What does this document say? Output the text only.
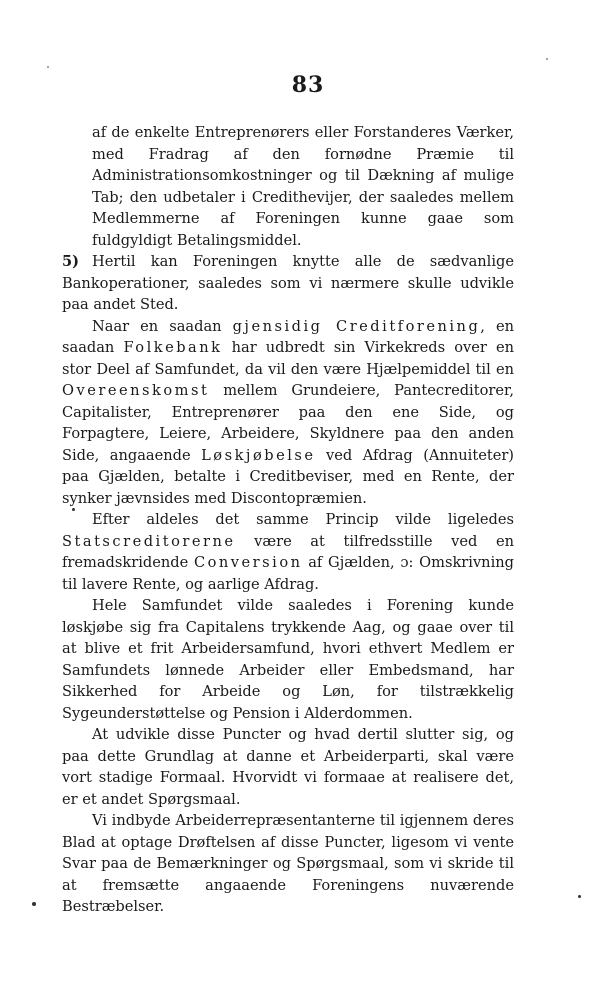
83

af de enkelte Entreprenørers eller Forstanderes Værker, med Fradrag af den fornødne Præmie til Administrationsomkostninger og til Dækning af mulige Tab; den udbetaler i Credithevijer, der saaledes mellem Medlemmerne af Foreningen kunne gaae som fuldgyldigt Betalingsmiddel.

5) Hertil kan Foreningen knytte alle de sædvanlige Bankoperationer, saaledes som vi nærmere skulle udvikle paa andet Sted.

Naar en saadan gjensidig Creditforening, en saadan Folkebank har udbredt sin Virkekreds over en stor Deel af Samfundet, da vil den være Hjælpemiddel til en Overeenskomst mellem Grundeiere, Pantecreditorer, Capitalister, Entreprenører paa den ene Side, og Forpagtere, Leiere, Arbeidere, Skyldnere paa den anden Side, angaaende Løskjøbelse ved Afdrag (Annuiteter) paa Gjælden, betalte i Creditbeviser, med en Rente, der synker jævnsides med Discontopræmien.

Efter aldeles det samme Princip vilde ligeledes Statscreditorerne være at tilfredsstille ved en fremadskridende Conversion af Gjælden, ɔ: Omskrivning til lavere Rente, og aarlige Afdrag.

Hele Samfundet vilde saaledes i Forening kunde løskjøbe sig fra Capitalens trykkende Aag, og gaae over til at blive et frit Arbeidersamfund, hvori ethvert Medlem er Samfundets lønnede Arbeider eller Embedsmand, har Sikkerhed for Arbeide og Løn, for tilstrækkelig Sygeunderstøttelse og Pension i Alderdommen.

At udvikle disse Puncter og hvad dertil slutter sig, og paa dette Grundlag at danne et Arbeiderparti, skal være vort stadige Formaal. Hvorvidt vi formaae at realisere det, er et andet Spørgsmaal.

Vi indbyde Arbeiderrepræsentanterne til igjennem deres Blad at optage Drøftelsen af disse Puncter, ligesom vi vente Svar paa de Bemærkninger og Spørgsmaal, som vi skride til at fremsætte angaaende Foreningens nuværende Bestræbelser.
